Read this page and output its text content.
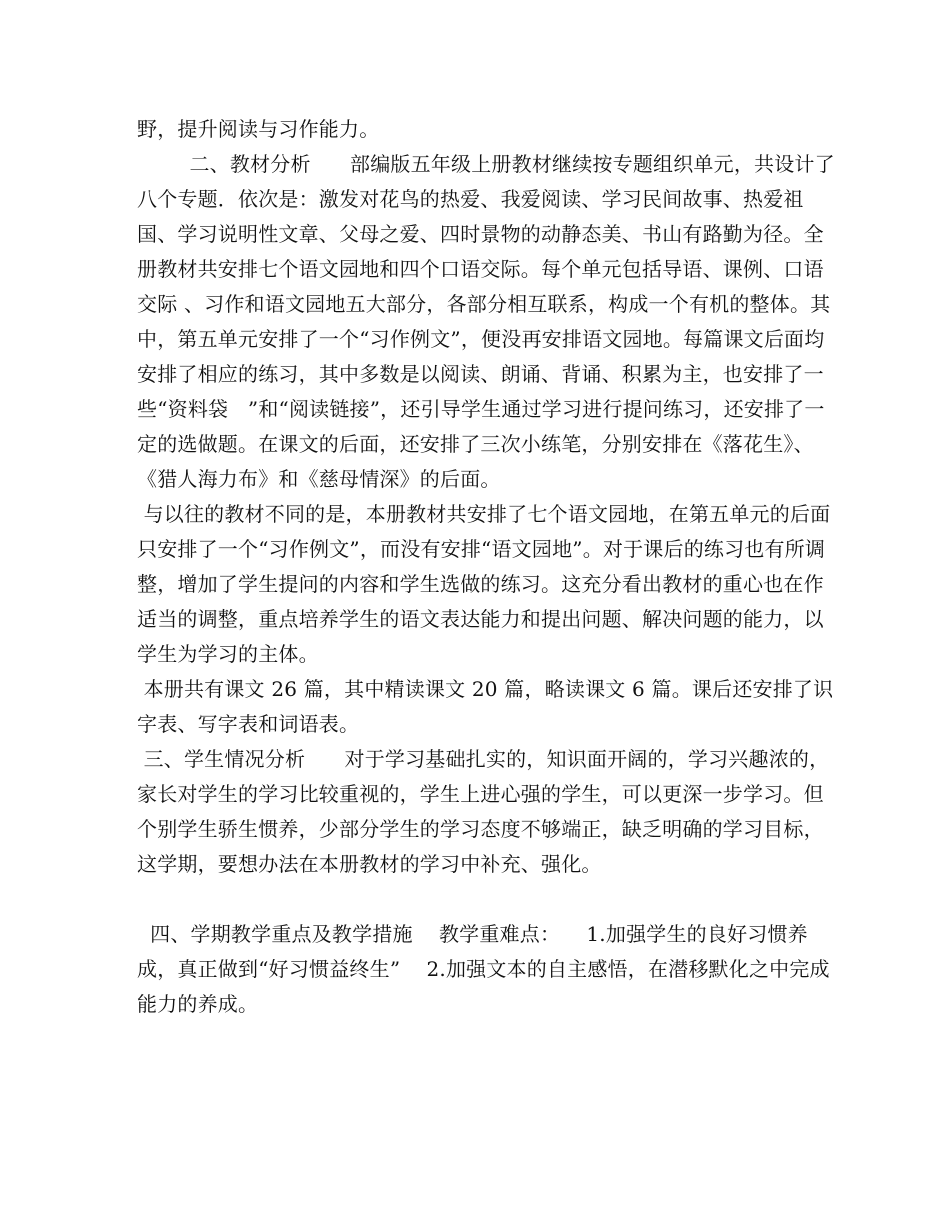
野，提升阅读与习作能力。

二、教材分析      部编版五年级上册教材继续按专题组织单元，共设计了八个专题．依次是：激发对花鸟的热爱、我爱阅读、学习民间故事、热爱祖国、学习说明性文章、父母之爱、四时景物的动静态美、书山有路勤为径。全册教材共安排七个语文园地和四个口语交际。每个单元包括导语、课例、口语交际 、习作和语文园地五大部分，各部分相互联系，构成一个有机的整体。其中，第五单元安排了一个“习作例文”，便没再安排语文园地。每篇课文后面均安排了相应的练习，其中多数是以阅读、朗诵、背诵、积累为主，也安排了一些“资料袋   ”和“阅读链接”，还引导学生通过学习进行提问练习，还安排了一定的选做题。在课文的后面，还安排了三次小练笔，分别安排在《落花生》、《猎人海力布》和《慈母情深》的后面。

与以往的教材不同的是，本册教材共安排了七个语文园地，在第五单元的后面只安排了一个“习作例文”，而没有安排“语文园地”。对于课后的练习也有所调整，增加了学生提问的内容和学生选做的练习。这充分看出教材的重心也在作适当的调整，重点培养学生的语文表达能力和提出问题、解决问题的能力，以学生为学习的主体。

本册共有课文 26 篇，其中精读课文 20 篇，略读课文 6 篇。课后还安排了识字表、写字表和词语表。

三、学生情况分析      对于学习基础扎实的，知识面开阔的，学习兴趣浓的，家长对学生的学习比较重视的，学生上进心强的学生，可以更深一步学习。但个别学生骄生惯养，少部分学生的学习态度不够端正，缺乏明确的学习目标，这学期，要想办法在本册教材的学习中补充、强化。

四、学期教学重点及教学措施    教学重难点：    1.加强学生的良好习惯养成，真正做到“好习惯益终生”    2.加强文本的自主感悟，在潜移默化之中完成能力的养成。
